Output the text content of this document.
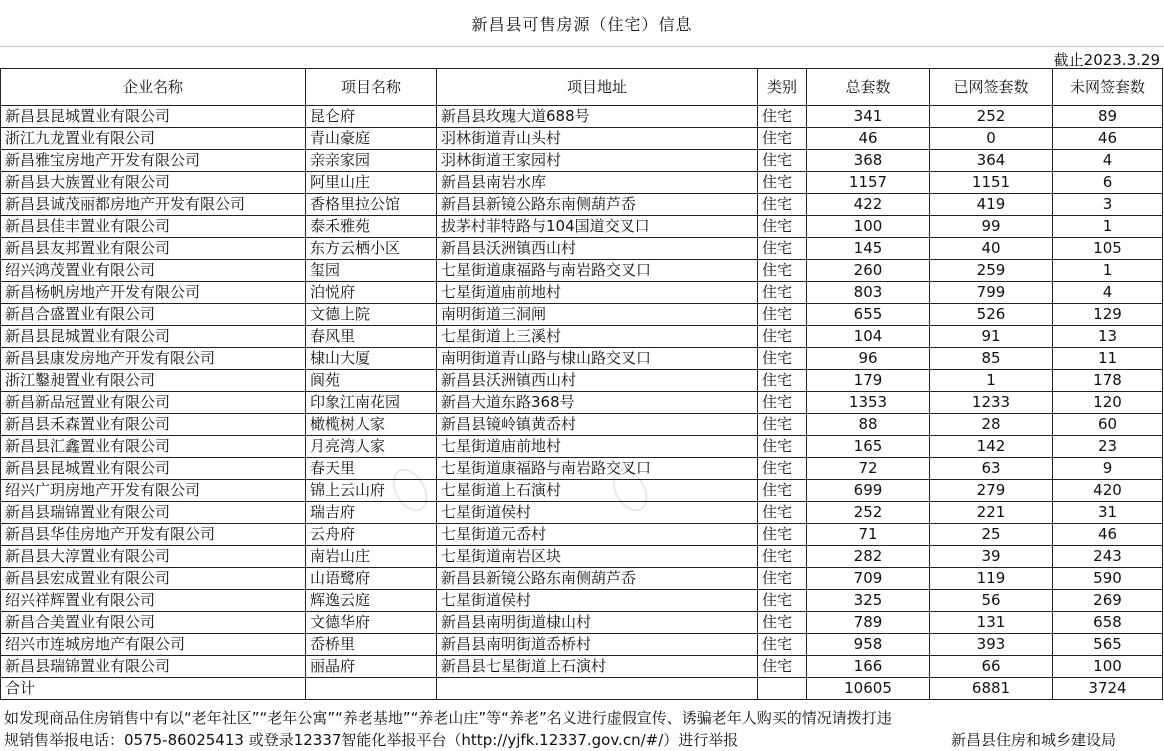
新昌县可售房源（住宅）信息
截止2023.3.29
企业名称	项目名称	项目地址	类别	总套数	已网签套数	未网签套数
新昌县昆城置业有限公司	昆仑府	新昌县玫瑰大道688号	住宅	341	252	89
浙江九龙置业有限公司	青山豪庭	羽林街道青山头村	住宅	46	0	46
新昌雅宝房地产开发有限公司	亲亲家园	羽林街道王家园村	住宅	368	364	4
新昌县大族置业有限公司	阿里山庄	新昌县南岩水库	住宅	1157	1151	6
新昌县诚茂丽都房地产开发有限公司	香格里拉公馆	新昌县新镜公路东南侧葫芦岙	住宅	422	419	3
新昌县佳丰置业有限公司	泰禾雅苑	拔茅村菲特路与104国道交叉口	住宅	100	99	1
新昌县友邦置业有限公司	东方云栖小区	新昌县沃洲镇西山村	住宅	145	40	105
绍兴鸿茂置业有限公司	玺园	七星街道康福路与南岩路交叉口	住宅	260	259	1
新昌杨帆房地产开发有限公司	泊悦府	七星街道庙前地村	住宅	803	799	4
新昌合盛置业有限公司	文德上院	南明街道三洞闸	住宅	655	526	129
新昌县昆城置业有限公司	春风里	七星街道上三溪村	住宅	104	91	13
新昌县康发房地产开发有限公司	棣山大厦	南明街道青山路与棣山路交叉口	住宅	96	85	11
浙江鑿昶置业有限公司	阆苑	新昌县沃洲镇西山村	住宅	179	1	178
新昌新品冠置业有限公司	印象江南花园	新昌大道东路368号	住宅	1353	1233	120
新昌县禾森置业有限公司	橄榄树人家	新昌县镜岭镇黄岙村	住宅	88	28	60
新昌县汇鑫置业有限公司	月亮湾人家	七星街道庙前地村	住宅	165	142	23
新昌县昆城置业有限公司	春天里	七星街道康福路与南岩路交叉口	住宅	72	63	9
绍兴广玥房地产开发有限公司	锦上云山府	七星街道上石演村	住宅	699	279	420
新昌县瑞锦置业有限公司	瑞吉府	七星街道侯村	住宅	252	221	31
新昌县华佳房地产开发有限公司	云舟府	七星街道元岙村	住宅	71	25	46
新昌县大淳置业有限公司	南岩山庄	七星街道南岩区块	住宅	282	39	243
新昌县宏成置业有限公司	山语鹭府	新昌县新镜公路东南侧葫芦岙	住宅	709	119	590
绍兴祥辉置业有限公司	辉逸云庭	七星街道侯村	住宅	325	56	269
新昌合美置业有限公司	文德华府	新昌县南明街道棣山村	住宅	789	131	658
绍兴市连城房地产有限公司	岙桥里	新昌县南明街道岙桥村	住宅	958	393	565
新昌县瑞锦置业有限公司	丽晶府	新昌县七星街道上石演村	住宅	166	66	100
合计				10605	6881	3724
如发现商品住房销售中有以“老年社区”“老年公寓”“养老基地”“养老山庄”等“养老”名义进行虚假宣传、诱骗老年人购买的情况请拨打违
规销售举报电话：0575-86025413 或登录12337智能化举报平台（http://yjfk.12337.gov.cn/#/）进行举报	新昌县住房和城乡建设局
